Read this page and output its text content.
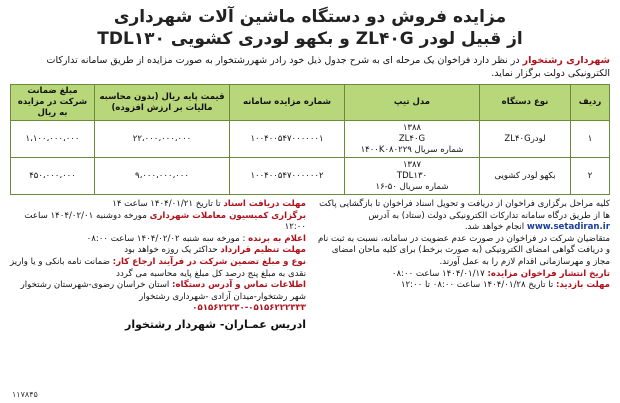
مزایده فروش دو دستگاه ماشین آلات شهرداری
از قبیل لودر ZL۴۰G و بکهو لودری کشویی TDL۱۳۰
شهرداری رشتخوار در نظر دارد فراخوان یک مرحله ای به شرح جدول ذیل خود رادر شهررشتخوار به صورت مزایده از طریق سامانه تدارکات الکترونیکی دولت برگزار نماید.
ردیف	نوع دستگاه	مدل تیپ	شماره مزایده سامانه	قیمت پایه ریال (بدون محاسبه مالیات بر ارزش افزوده)	مبلغ ضمانت شرکت در مزایده به ریال
۱	لودرZL۴۰G	۱۳۸۸
ZL۴۰G
شماره سریال ۱۴۰۰K۰۸۰۲۲۹	۱۰۰۴۰۰۵۴۷۰۰۰۰۰۰۱	۲۲،۰۰۰،۰۰۰،۰۰۰	۱،۱۰۰،۰۰۰،۰۰۰
۲	بکهو لودر کشویی	۱۳۸۷
TDL۱۳۰
شماره سریال ۵۰-۱۶	۱۰۰۴۰۰۵۴۷۰۰۰۰۰۰۲	۹،۰۰۰،۰۰۰،۰۰۰	۴۵۰،۰۰۰،۰۰۰
کلیه مراحل برگزاری فراخوان از دریافت و تحویل اسناد فراخوان تا بازگشایی پاکت ها از طریق درگاه سامانه تدارکات الکترونیکی دولت (ستاد) به آدرس www.setadiran.ir انجام خواهد شد.
متقاضیان شرکت در فراخوان در صورت عدم عضویت در سامانه، نسبت به ثبت نام و دریافت گواهی امضای الکترونیکی (به صورت برخط) برای کلیه ماحان امضای مجاز و مهرسازمانی اقدام لازم را به عمل آورند.
تاریخ انتشار فراخوان مزایده: ۱۴۰۴/۰۱/۱۷ ساعت ۰۸:۰۰
مهلت بازدید: تا تاریخ ۱۴۰۴/۰۱/۲۸ ساعت ۰۸:۰۰ تا ۱۲:۰۰
مهلت دریافت اسناد تا تاریخ ۱۴۰۴/۰۱/۲۱ ساعت ۱۴
برگزاری کمیسیون معاملات شهرداری مورخه دوشنبه ۱۴۰۴/۰۲/۰۱ ساعت ۱۲:۰۰
اعلام به برنده : مورخه سه شنبه ۱۴۰۴/۰۲/۰۲ ساعت ۰۸:۰۰
مهلت تنظیم قرارداد حداکثر یک روزه خواهد بود
نوع و مبلغ تضمین شرکت در فرآیند ارجاع کار: ضمانت نامه بانکی و یا واریز نقدی به مبلغ پنج درصد کل مبلغ پایه محاسبه می گردد
اطلاعات تماس و آدرس دستگاه: استان خراسان رضوی-شهرستان رشتخوار شهر رشتخوار-میدان آزادی -شهرداری رشتخوار
۰۵۱۵۶۲۲۲۳۰-۰۵۱۵۶۲۲۲۳۳۳
ادریس عمـاران- شهردار رشتخوار
۱۱۷۸۴۵
